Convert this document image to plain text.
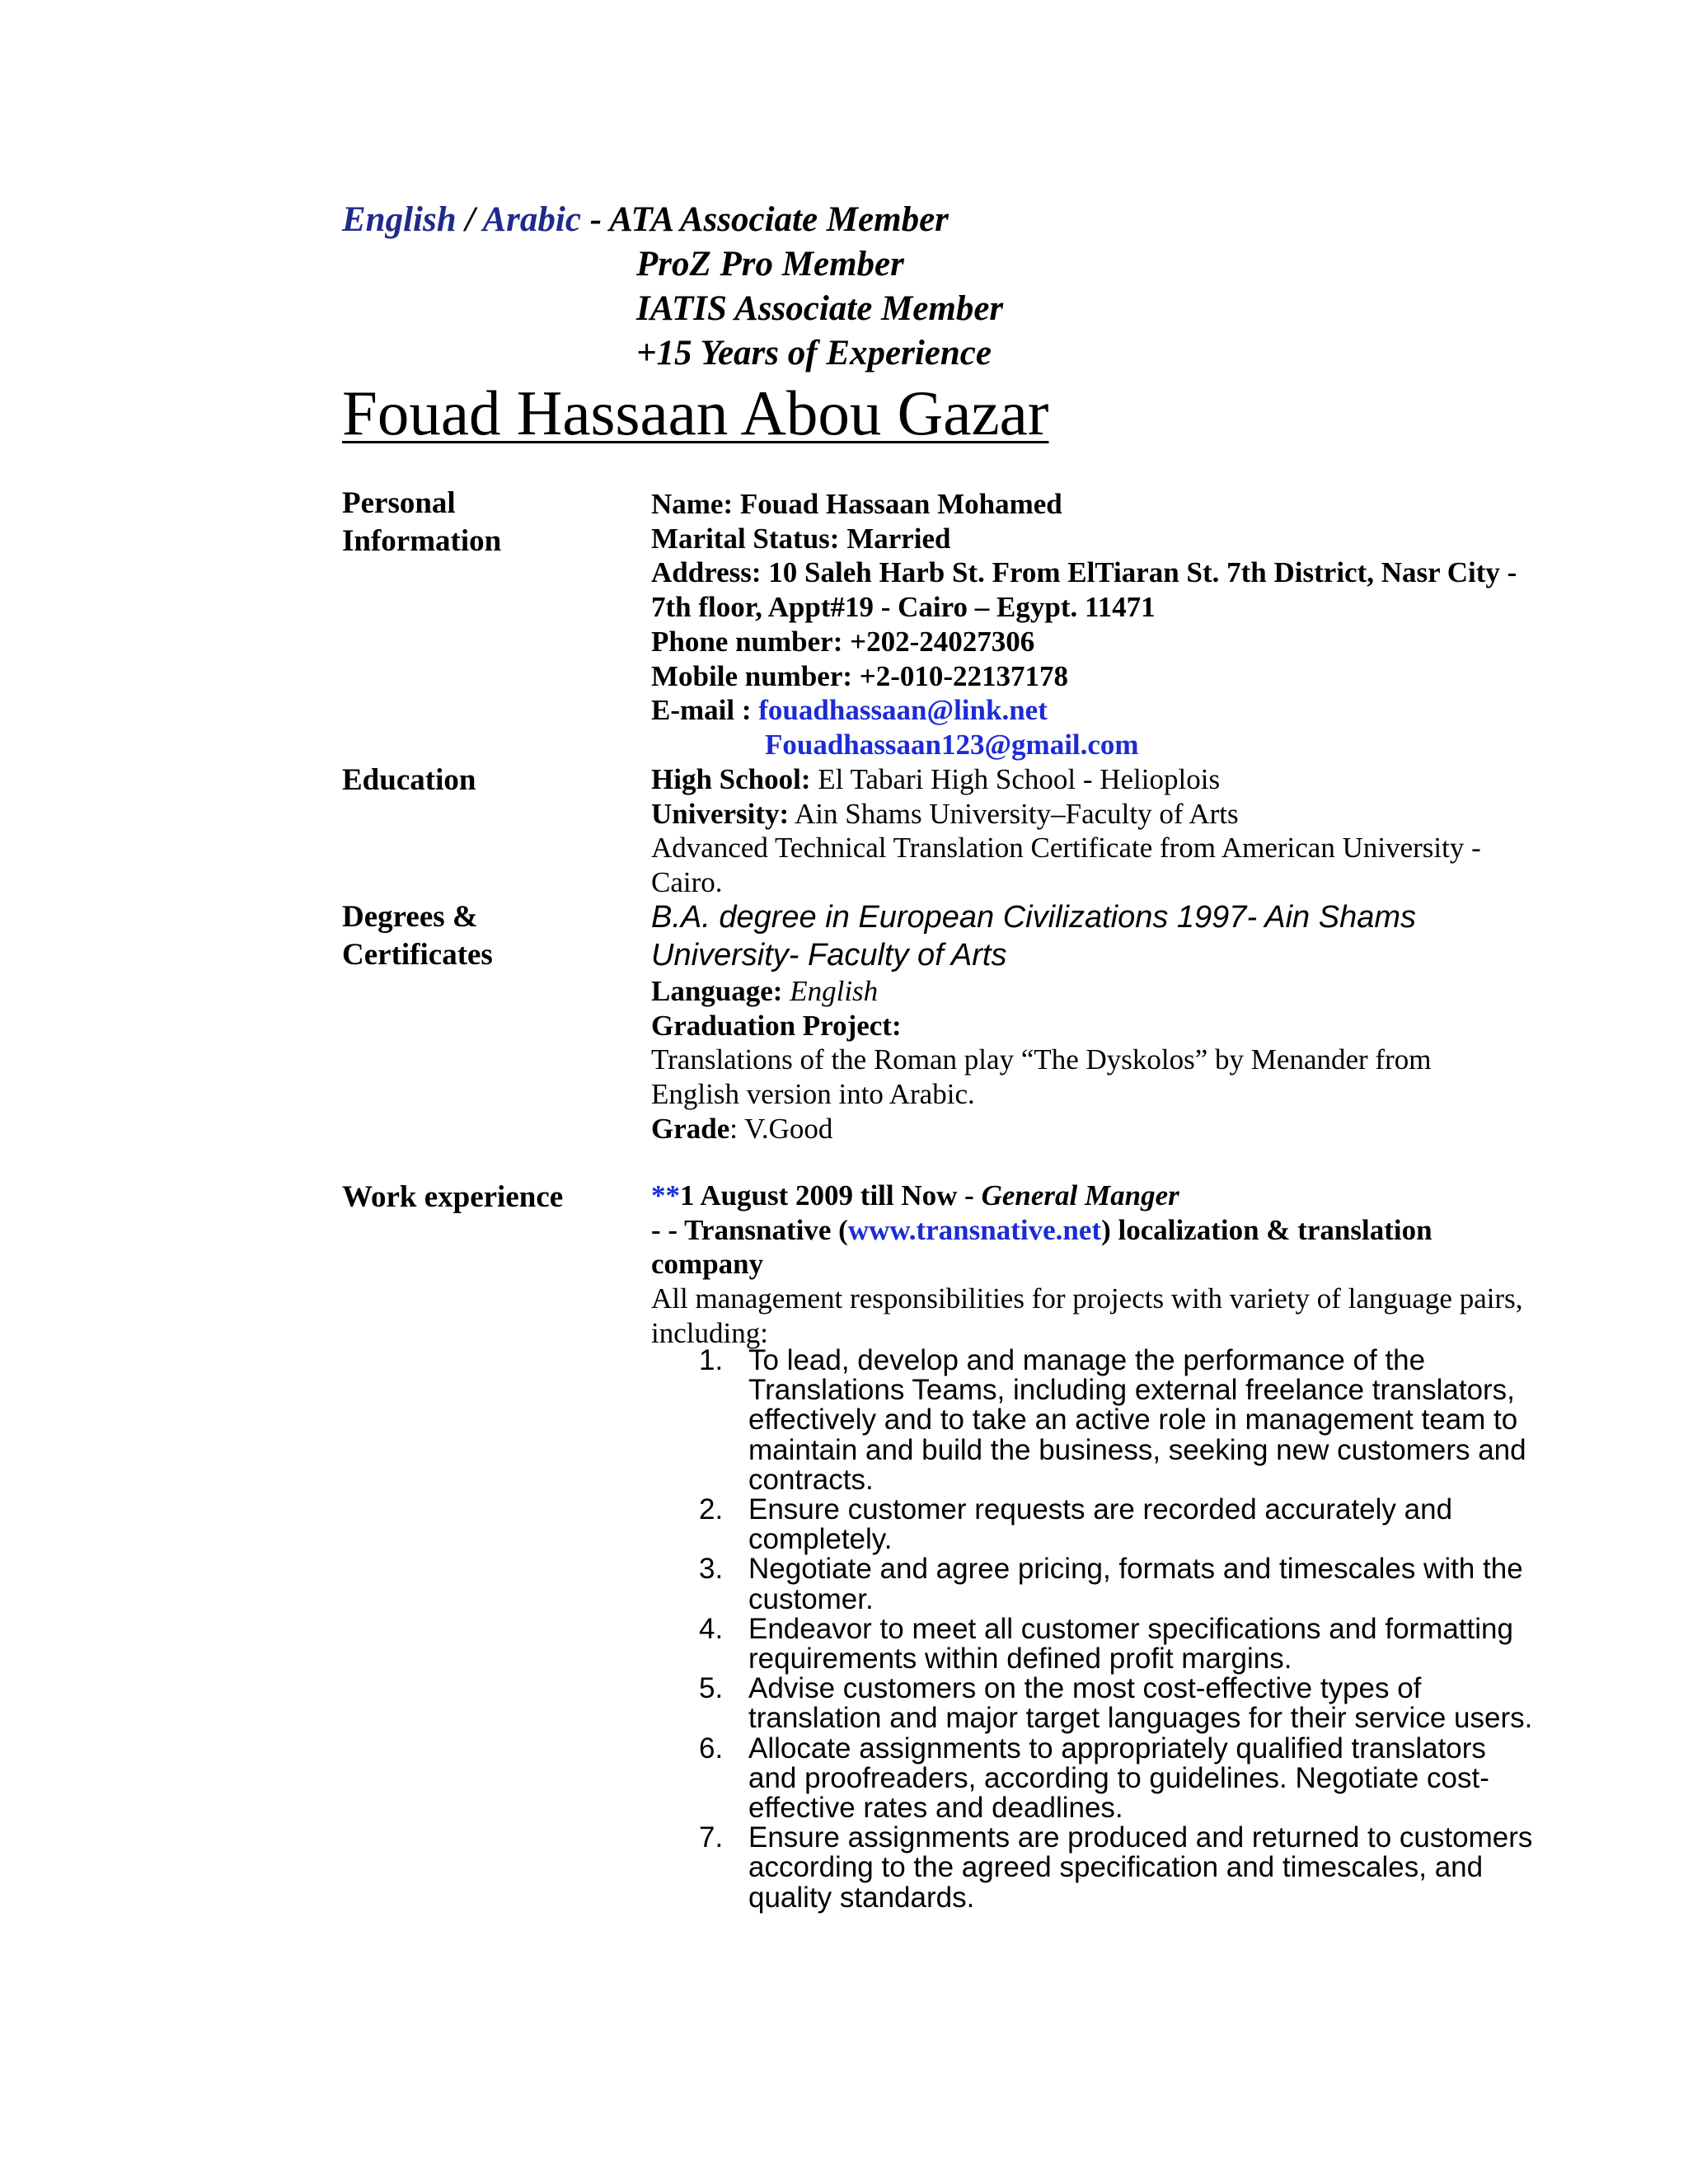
English / Arabic - ATA Associate Member
ProZ Pro Member
IATIS Associate Member
+15 Years of Experience
Fouad Hassaan Abou Gazar
Personal
Information
Name: Fouad Hassaan Mohamed
Marital Status: Married
Address: 10 Saleh Harb St. From ElTiaran St. 7th District, Nasr City - 7th floor, Appt#19 - Cairo – Egypt. 11471
Phone number: +202-24027306
Mobile number: +2-010-22137178
E-mail : fouadhassaan@link.net
Fouadhassaan123@gmail.com
Education	High School: El Tabari High School - Helioplois
University: Ain Shams University–Faculty of Arts
Advanced Technical Translation Certificate from American University - Cairo.
Degrees &
Certificates
B.A. degree in European Civilizations 1997- Ain Shams University- Faculty of Arts
Language: English
Graduation Project:
Translations of the Roman play “The Dyskolos” by Menander from English version into Arabic.
Grade: V.Good
Work experience	**1 August 2009 till Now - General Manger
- - Transnative (www.transnative.net) localization & translation company
All management responsibilities for projects with variety of language pairs, including:
1. To lead, develop and manage the performance of the Translations Teams, including external freelance translators, effectively and to take an active role in management team to maintain and build the business, seeking new customers and contracts.
2. Ensure customer requests are recorded accurately and completely.
3. Negotiate and agree pricing, formats and timescales with the customer.
4. Endeavor to meet all customer specifications and formatting requirements within defined profit margins.
5. Advise customers on the most cost-effective types of translation and major target languages for their service users.
6. Allocate assignments to appropriately qualified translators and proofreaders, according to guidelines. Negotiate cost-effective rates and deadlines.
7. Ensure assignments are produced and returned to customers according to the agreed specification and timescales, and quality standards.
